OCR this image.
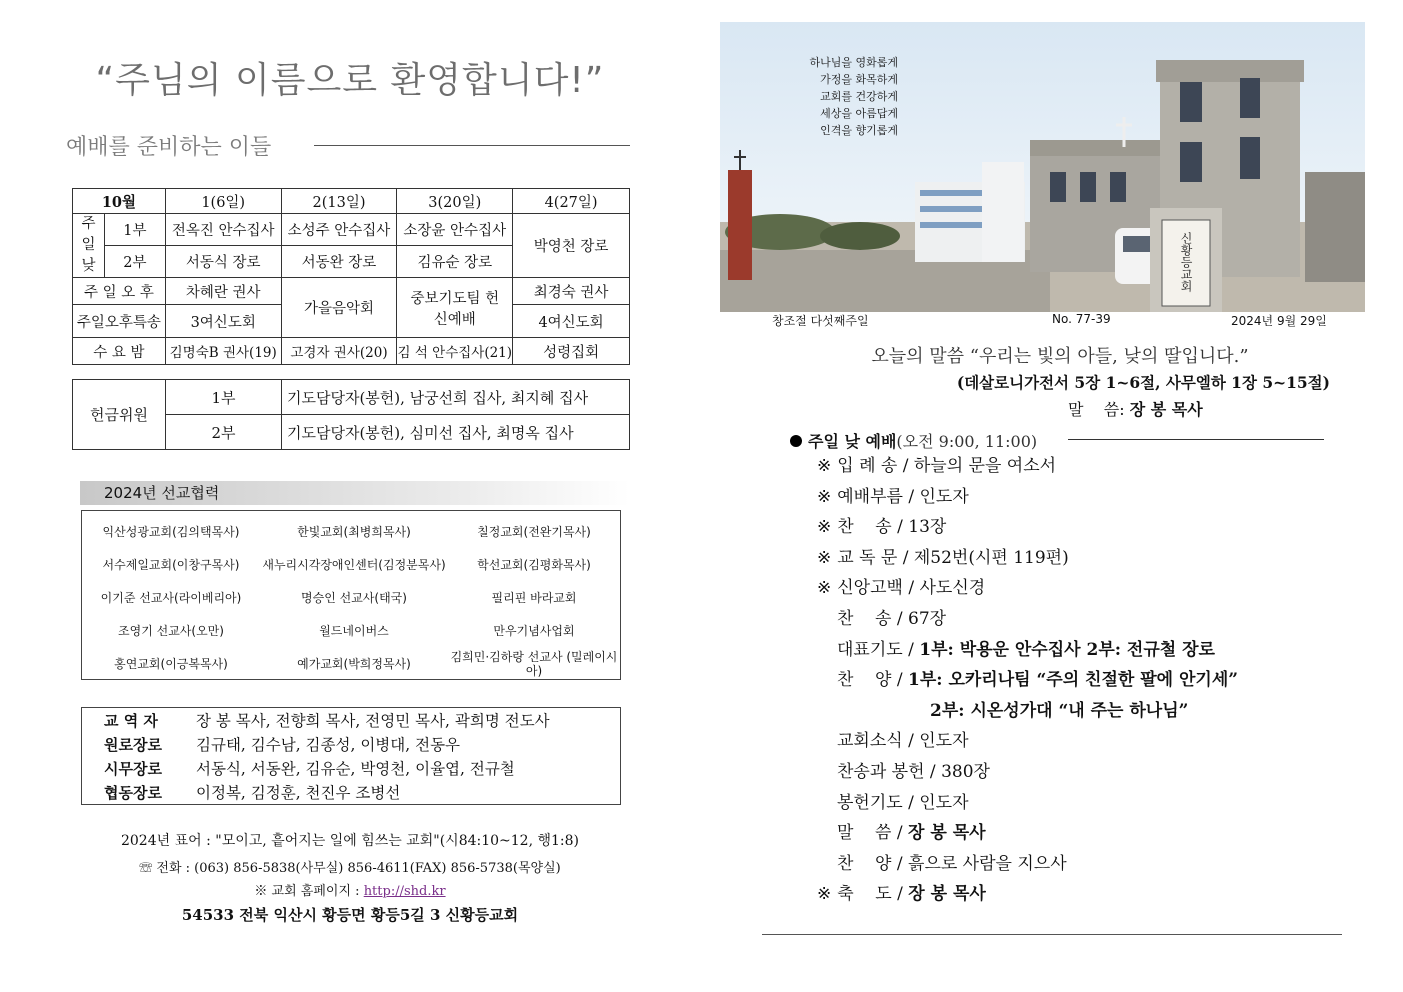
“주님의 이름으로 환영합니다!”
예배를 준비하는 이들
10월		1(6일)	2(13일)	3(20일)	4(27일)
주
일
낮	1부	전옥진 안수집사	소성주 안수집사	소장윤 안수집사	박영천 장로
	2부	서동식 장로	서동완 장로	김유순 장로	
주 일 오 후		차혜란 권사	가을음악회	중보기도팀 헌신예배	최경숙 권사
주일오후특송		3여신도회			4여신도회
수 요 밤		김명숙B 권사(19)	고경자 권사(20)	김 석 안수집사(21)	성령집회
헌금위원	1부	기도담당자(봉헌), 남궁선희 집사, 최지혜 집사
	2부	기도담당자(봉헌), 심미선 집사, 최명옥 집사
2024년 선교협력
익산성광교회(김의택목사)	한빛교회(최병희목사)	칠정교회(전완기목사)
서수제일교회(이창구목사)	새누리시각장애인센터(김정분목사)	학선교회(김평화목사)
이기준 선교사(라이베리아)	명승인 선교사(태국)	필리핀 바라교회
조영기 선교사(오만)	월드네이버스	만우기념사업회
홍연교회(이긍복목사)	예가교회(박희정목사)	김희민·김하랑 선교사 (밀레이시아)
교 역 자 장 봉 목사, 전향희 목사, 전영민 목사, 곽희명 전도사
원로장로 김규태, 김수남, 김종성, 이병대, 전동우
시무장로 서동식, 서동완, 김유순, 박영천, 이율엽, 전규철
협동장로 이정복, 김정훈, 천진우 조병선
2024년 표어 : "모이고, 흩어지는 일에 힘쓰는 교회"(시84:10~12, 행1:8)
☏ 전화 : (063) 856-5838(사무실) 856-4611(FAX) 856-5738(목양실)
※ 교회 홈페이지 : http://shd.kr
54533 전북 익산시 황등면 황등5길 3 신황등교회
신황등교회
하나님을 영화롭게
가정을 화목하게
교회를 건강하게
세상을 아름답게
인격을 향기롭게
창조절 다섯째주일	No. 77-39	2024년 9월 29일
오늘의 말씀 “우리는 빛의 아들, 낮의 딸입니다.”
(데살로니가전서 5장 1~6절, 사무엘하 1장 5~15절)
말    씀: 장 봉 목사
주일 낮 예배(오전 9:00, 11:00)
※ 입 례 송 / 하늘의 문을 여소서
※ 예배부름 / 인도자
※ 찬    송 / 13장
※ 교 독 문 / 제52번(시편 119편)
※ 신앙고백 / 사도신경
찬    송 / 67장
대표기도 / 1부: 박용운 안수집사 2부: 전규철 장로
찬    양 / 1부: 오카리나팀 “주의 친절한 팔에 안기세”
2부: 시온성가대 “내 주는 하나님”
교회소식 / 인도자
찬송과 봉헌 / 380장
봉헌기도 / 인도자
말    씀 / 장 봉 목사
찬    양 / 흙으로 사람을 지으사
※ 축    도 / 장 봉 목사
